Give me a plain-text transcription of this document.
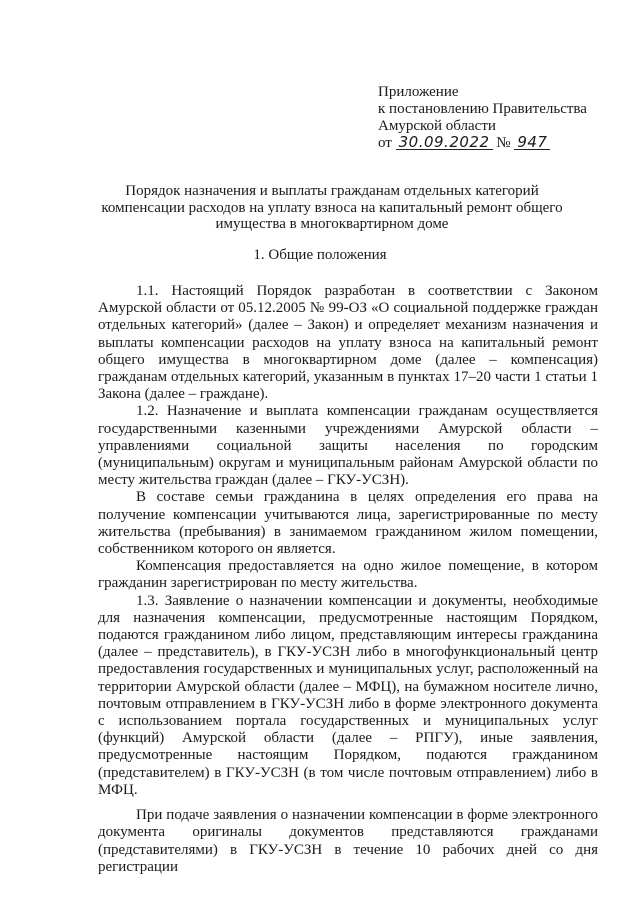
Приложение
к постановлению Правительства
Амурской области
от 30.09.2022 № 947
Порядок назначения и выплаты гражданам отдельных категорий компенсации расходов на уплату взноса на капитальный ремонт общего имущества в многоквартирном доме
1. Общие положения

1.1. Настоящий Порядок разработан в соответствии с Законом Амурской области от 05.12.2005 № 99-ОЗ «О социальной поддержке граждан отдельных категорий» (далее – Закон) и определяет механизм назначения и выплаты компенсации расходов на уплату взноса на капитальный ремонт общего имущества в многоквартирном доме (далее – компенсация) гражданам отдельных категорий, указанным в пунктах 17–20 части 1 статьи 1 Закона (далее – граждане).

1.2. Назначение и выплата компенсации гражданам осуществляется государственными казенными учреждениями Амурской области – управлениями социальной защиты населения по городским (муниципальным) округам и муниципальным районам Амурской области по месту жительства граждан (далее – ГКУ-УСЗН).

В составе семьи гражданина в целях определения его права на получение компенсации учитываются лица, зарегистрированные по месту жительства (пребывания) в занимаемом гражданином жилом помещении, собственником которого он является.

Компенсация предоставляется на одно жилое помещение, в котором гражданин зарегистрирован по месту жительства.

1.3. Заявление о назначении компенсации и документы, необходимые для назначения компенсации, предусмотренные настоящим Порядком, подаются гражданином либо лицом, представляющим интересы гражданина (далее – представитель), в ГКУ-УСЗН либо в многофункциональный центр предоставления государственных и муниципальных услуг, расположенный на территории Амурской области (далее – МФЦ), на бумажном носителе лично, почтовым отправлением в ГКУ-УСЗН либо в форме электронного документа с использованием портала государственных и муниципальных услуг (функций) Амурской области (далее – РПГУ), иные заявления, предусмотренные настоящим Порядком, подаются гражданином (представителем) в ГКУ-УСЗН (в том числе почтовым отправлением) либо в МФЦ.

При подаче заявления о назначении компенсации в форме электронного документа оригиналы документов представляются гражданами (представителями) в ГКУ-УСЗН в течение 10 рабочих дней со дня регистрации
